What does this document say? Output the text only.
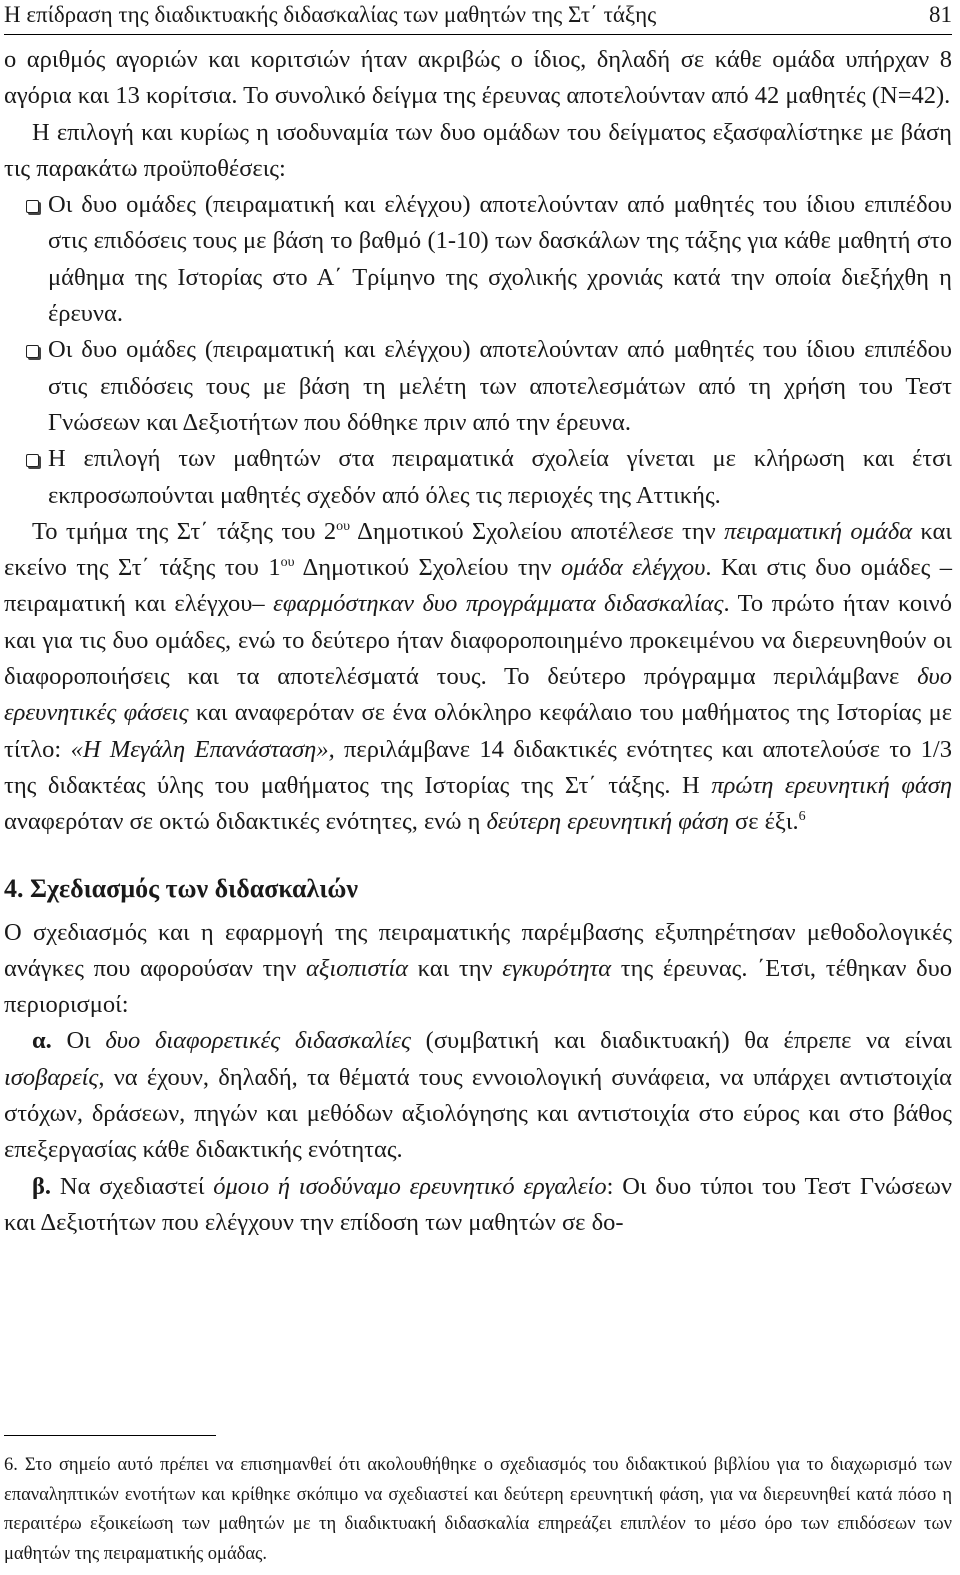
Η επίδραση της διαδικτυακής διδασκαλίας των μαθητών της Στ΄ τάξης	81

ο αριθμός αγοριών και κοριτσιών ήταν ακριβώς ο ίδιος, δηλαδή σε κάθε ομάδα υπήρχαν 8 αγόρια και 13 κορίτσια. Το συνολικό δείγμα της έρευνας αποτελούνταν από 42 μαθητές (Ν=42).

Η επιλογή και κυρίως η ισοδυναμία των δυο ομάδων του δείγματος εξασφαλίστηκε με βάση τις παρακάτω προϋποθέσεις:

Οι δυο ομάδες (πειραματική και ελέγχου) αποτελούνταν από μαθητές του ίδιου επιπέδου στις επιδόσεις τους με βάση το βαθμό (1-10) των δασκάλων της τάξης για κάθε μαθητή στο μάθημα της Ιστορίας στο Α΄ Τρίμηνο της σχολικής χρονιάς κατά την οποία διεξήχθη η έρευνα.
Οι δυο ομάδες (πειραματική και ελέγχου) αποτελούνταν από μαθητές του ίδιου επιπέδου στις επιδόσεις τους με βάση τη μελέτη των αποτελεσμάτων από τη χρήση του Τεστ Γνώσεων και Δεξιοτήτων που δόθηκε πριν από την έρευνα.
Η επιλογή των μαθητών στα πειραματικά σχολεία γίνεται με κλήρωση και έτσι εκπροσωπούνται μαθητές σχεδόν από όλες τις περιοχές της Αττικής.

Το τμήμα της Στ΄ τάξης του $2^{o\upsilon}$ Δημοτικού Σχολείου αποτέλεσε την πειραματική ομάδα και εκείνο της Στ΄ τάξης του $1^{o\upsilon}$ Δημοτικού Σχολείου την ομάδα ελέγχου. Και στις δυο ομάδες –πειραματική και ελέγχου– εφαρμόστηκαν δυο προγράμματα διδασκαλίας. Το πρώτο ήταν κοινό και για τις δυο ομάδες, ενώ το δεύτερο ήταν διαφοροποιημένο προκειμένου να διερευνηθούν οι διαφοροποιήσεις και τα αποτελέσματά τους. Το δεύτερο πρόγραμμα περιλάμβανε δυο ερευνητικές φάσεις και αναφερόταν σε ένα ολόκληρο κεφάλαιο του μαθήματος της Ιστορίας με τίτλο: «Η Μεγάλη Επανάσταση», περιλάμβανε 14 διδακτικές ενότητες και αποτελούσε το 1/3 της διδακτέας ύλης του μαθήματος της Ιστορίας της Στ΄ τάξης. Η πρώτη ερευνητική φάση αναφερόταν σε οκτώ διδακτικές ενότητες, ενώ η δεύτερη ερευνητική φάση σε έξι.$^6$

4. Σχεδιασμός των διδασκαλιών

Ο σχεδιασμός και η εφαρμογή της πειραματικής παρέμβασης εξυπηρέτησαν μεθοδολογικές ανάγκες που αφορούσαν την αξιοπιστία και την εγκυρότητα της έρευνας. ΄Ετσι, τέθηκαν δυο περιορισμοί:

α. Οι δυο διαφορετικές διδασκαλίες (συμβατική και διαδικτυακή) θα έπρεπε να είναι ισοβαρείς, να έχουν, δηλαδή, τα θέματά τους εννοιολογική συνάφεια, να υπάρχει αντιστοιχία στόχων, δράσεων, πηγών και μεθόδων αξιολόγησης και αντιστοιχία στο εύρος και στο βάθος επεξεργασίας κάθε διδακτικής ενότητας.

β. Να σχεδιαστεί όμοιο ή ισοδύναμο ερευνητικό εργαλείο: Οι δυο τύποι του Τεστ Γνώσεων και Δεξιοτήτων που ελέγχουν την επίδοση των μαθητών σε δο-

6. Στο σημείο αυτό πρέπει να επισημανθεί ότι ακολουθήθηκε ο σχεδιασμός του διδακτικού βιβλίου για το διαχωρισμό των επαναληπτικών ενοτήτων και κρίθηκε σκόπιμο να σχεδιαστεί και δεύτερη ερευνητική φάση, για να διερευνηθεί κατά πόσο η περαιτέρω εξοικείωση των μαθητών με τη διαδικτυακή διδασκαλία επηρεάζει επιπλέον το μέσο όρο των επιδόσεων των μαθητών της πειραματικής ομάδας.
